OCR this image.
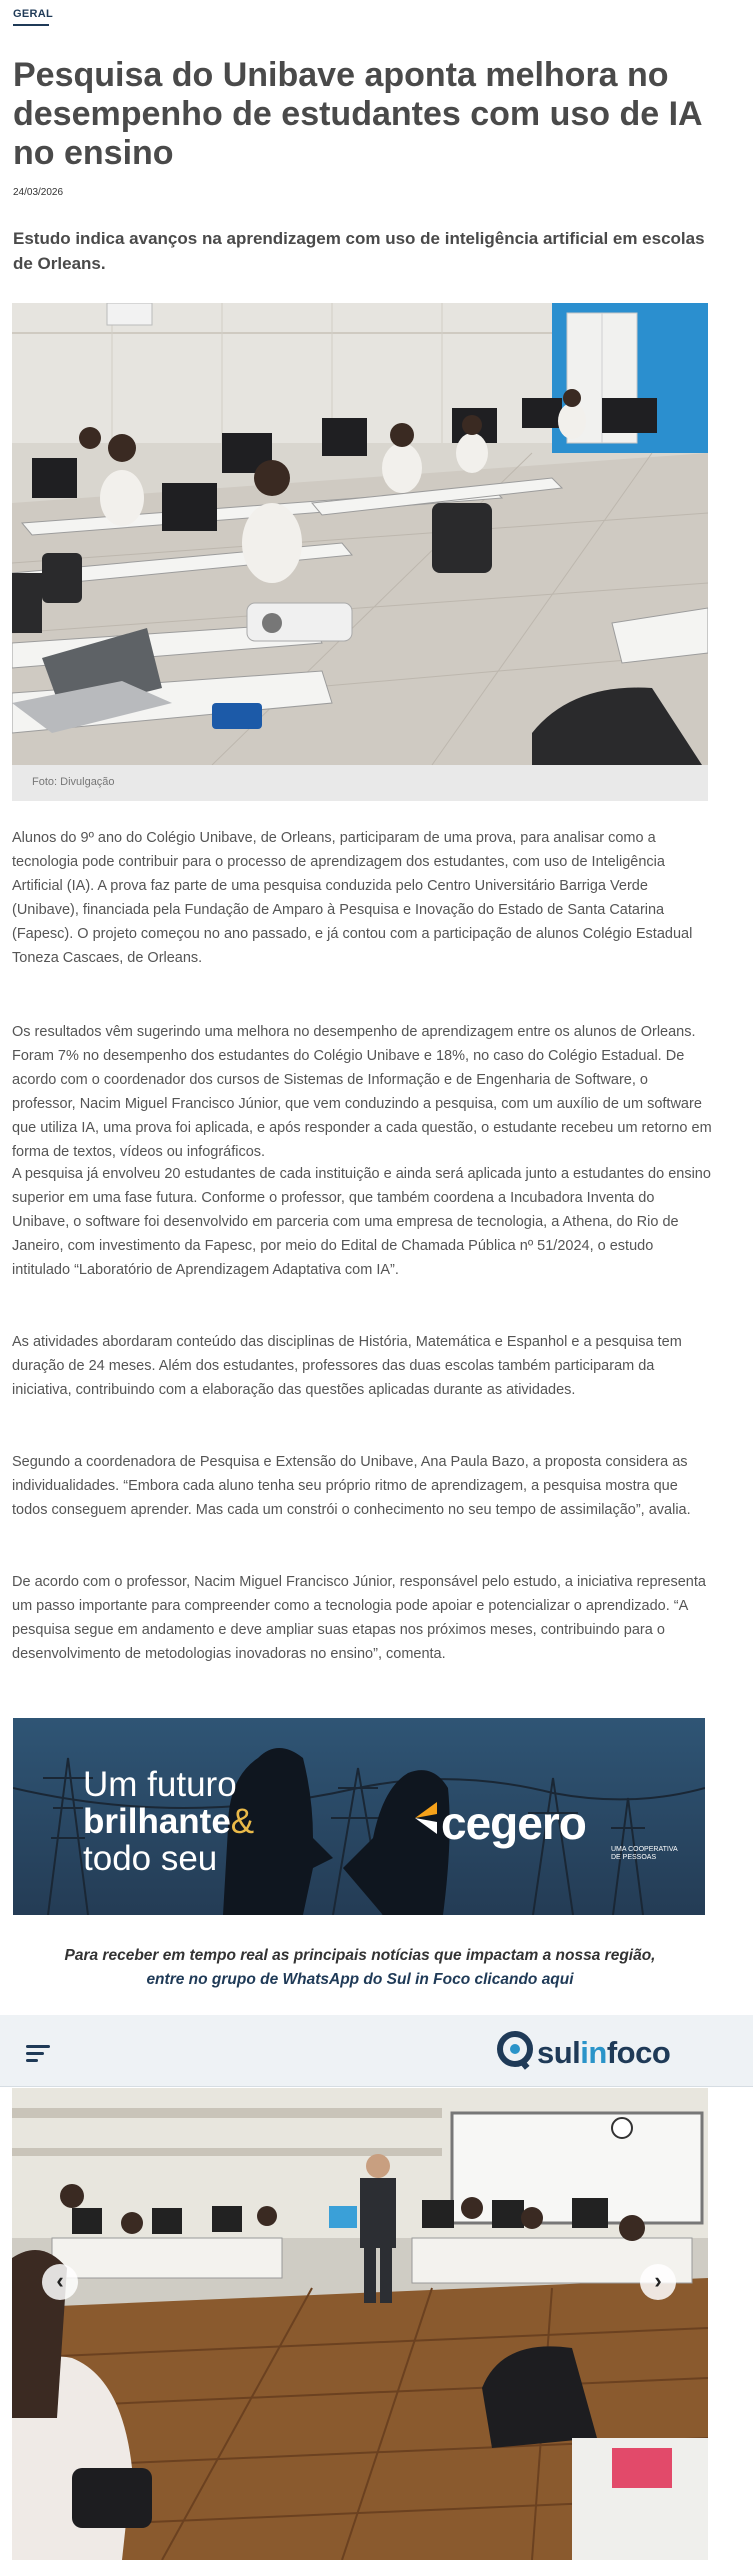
GERAL
Pesquisa do Unibave aponta melhora no desempenho de estudantes com uso de IA no ensino
24/03/2026
Estudo indica avanços na aprendizagem com uso de inteligência artificial em escolas de Orleans.
Foto: Divulgação

Alunos do 9º ano do Colégio Unibave, de Orleans, participaram de uma prova, para analisar como a tecnologia pode contribuir para o processo de aprendizagem dos estudantes, com uso de Inteligência Artificial (IA). A prova faz parte de uma pesquisa conduzida pelo Centro Universitário Barriga Verde (Unibave), financiada pela Fundação de Amparo à Pesquisa e Inovação do Estado de Santa Catarina (Fapesc). O projeto começou no ano passado, e já contou com a participação de alunos Colégio Estadual Toneza Cascaes, de Orleans.

Os resultados vêm sugerindo uma melhora no desempenho de aprendizagem entre os alunos de Orleans. Foram 7% no desempenho dos estudantes do Colégio Unibave e 18%, no caso do Colégio Estadual. De acordo com o coordenador dos cursos de Sistemas de Informação e de Engenharia de Software, o professor, Nacim Miguel Francisco Júnior, que vem conduzindo a pesquisa, com um auxílio de um software que utiliza IA, uma prova foi aplicada, e após responder a cada questão, o estudante recebeu um retorno em forma de textos, vídeos ou infográficos.

A pesquisa já envolveu 20 estudantes de cada instituição e ainda será aplicada junto a estudantes do ensino superior em uma fase futura. Conforme o professor, que também coordena a Incubadora Inventa do Unibave, o software foi desenvolvido em parceria com uma empresa de tecnologia, a Athena, do Rio de Janeiro, com investimento da Fapesc, por meio do Edital de Chamada Pública nº 51/2024, o estudo intitulado “Laboratório de Aprendizagem Adaptativa com IA”.

As atividades abordaram conteúdo das disciplinas de História, Matemática e Espanhol e a pesquisa tem duração de 24 meses. Além dos estudantes, professores das duas escolas também participaram da iniciativa, contribuindo com a elaboração das questões aplicadas durante as atividades.

Segundo a coordenadora de Pesquisa e Extensão do Unibave, Ana Paula Bazo, a proposta considera as individualidades. “Embora cada aluno tenha seu próprio ritmo de aprendizagem, a pesquisa mostra que todos conseguem aprender. Mas cada um constrói o conhecimento no seu tempo de assimilação”, avalia.

De acordo com o professor, Nacim Miguel Francisco Júnior, responsável pelo estudo, a iniciativa representa um passo importante para compreender como a tecnologia pode apoiar e potencializar o aprendizado. “A pesquisa segue em andamento e deve ampliar suas etapas nos próximos meses, contribuindo para o desenvolvimento de metodologias inovadoras no ensino”, comenta.

Um futuro
brilhante&
todo seu
cegero
UMA COOPERATIVA
DE PESSOAS
Para receber em tempo real as principais notícias que impactam a nossa região,
entre no grupo de WhatsApp do Sul in Foco clicando aqui
sulinfoco
‹	›
